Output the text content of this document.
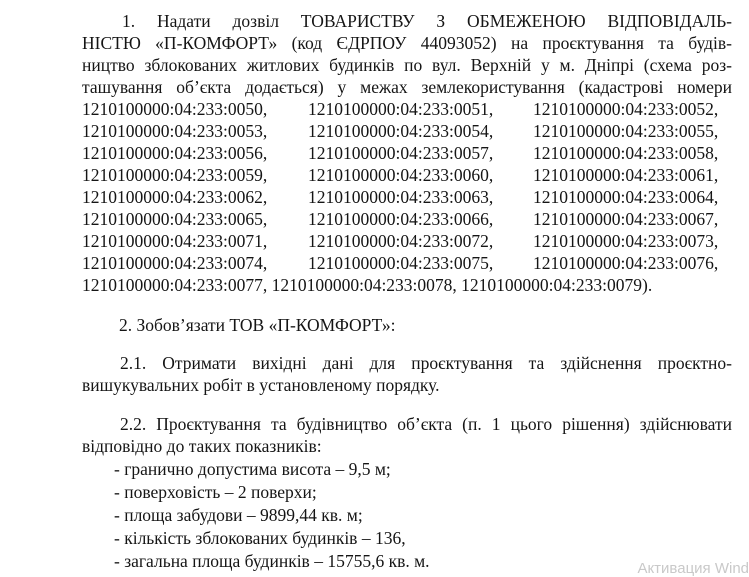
1. Надати дозвіл ТОВАРИСТВУ З ОБМЕЖЕНОЮ ВІДПОВІДАЛЬ-
НІСТЮ «П-КОМФОРТ» (код ЄДРПОУ 44093052) на проєктування та будів-
ництво зблокованих житлових будинків по вул. Верхній у м. Дніпрі (схема роз-
ташування об’єкта додається) у межах землекористування (кадастрові номери
1210100000:04:233:0050, 1210100000:04:233:0051, 1210100000:04:233:0052,
1210100000:04:233:0053, 1210100000:04:233:0054, 1210100000:04:233:0055,
1210100000:04:233:0056, 1210100000:04:233:0057, 1210100000:04:233:0058,
1210100000:04:233:0059, 1210100000:04:233:0060, 1210100000:04:233:0061,
1210100000:04:233:0062, 1210100000:04:233:0063, 1210100000:04:233:0064,
1210100000:04:233:0065, 1210100000:04:233:0066, 1210100000:04:233:0067,
1210100000:04:233:0071, 1210100000:04:233:0072, 1210100000:04:233:0073,
1210100000:04:233:0074, 1210100000:04:233:0075, 1210100000:04:233:0076,
1210100000:04:233:0077, 1210100000:04:233:0078, 1210100000:04:233:0079).
2. Зобов’язати ТОВ «П-КОМФОРТ»:
2.1. Отримати вихідні дані для проєктування та здійснення проєктно-
вишукувальних робіт в установленому порядку.
2.2. Проєктування та будівництво об’єкта (п. 1 цього рішення) здійснювати
відповідно до таких показників:
- гранично допустима висота – 9,5 м;
- поверховість – 2 поверхи;
- площа забудови – 9899,44 кв. м;
- кількість зблокованих будинків – 136,
- загальна площа будинків – 15755,6 кв. м.	Активация Wind
